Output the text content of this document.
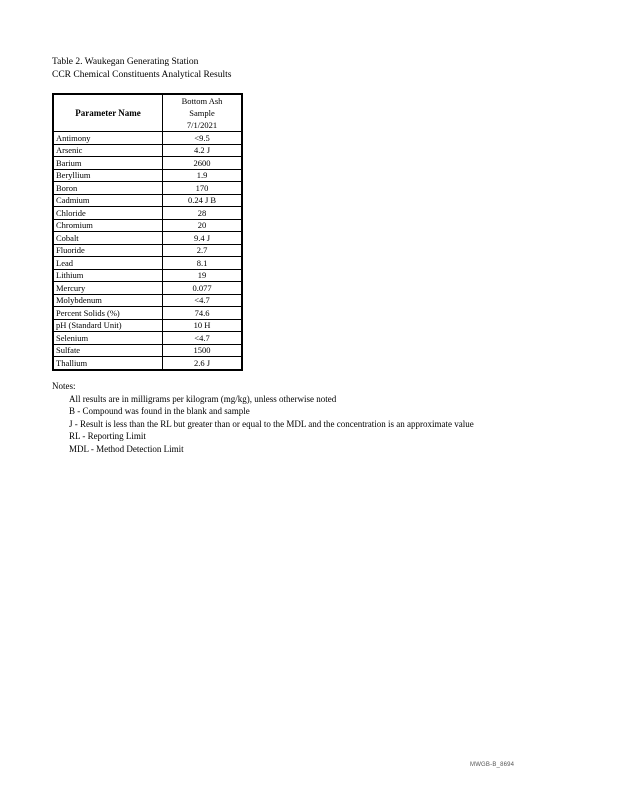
Table 2. Waukegan Generating Station
CCR Chemical Constituents Analytical Results
Parameter Name	Bottom Ash
Sample
7/1/2021

Antimony	<9.5
Arsenic	4.2 J
Barium	2600
Beryllium	1.9
Boron	170
Cadmium	0.24 J B
Chloride	28
Chromium	20
Cobalt	9.4 J
Fluoride	2.7
Lead	8.1
Lithium	19
Mercury	0.077
Molybdenum	<4.7
Percent Solids (%)	74.6
pH (Standard Unit)	10 H
Selenium	<4.7
Sulfate	1500
Thallium	2.6 J

Notes:

All results are in milligrams per kilogram (mg/kg), unless otherwise noted
B - Compound was found in the blank and sample
J - Result is less than the RL but greater than or equal to the MDL and the concentration is an approximate value
RL - Reporting Limit
MDL - Method Detection Limit
MWGB-B_8694
